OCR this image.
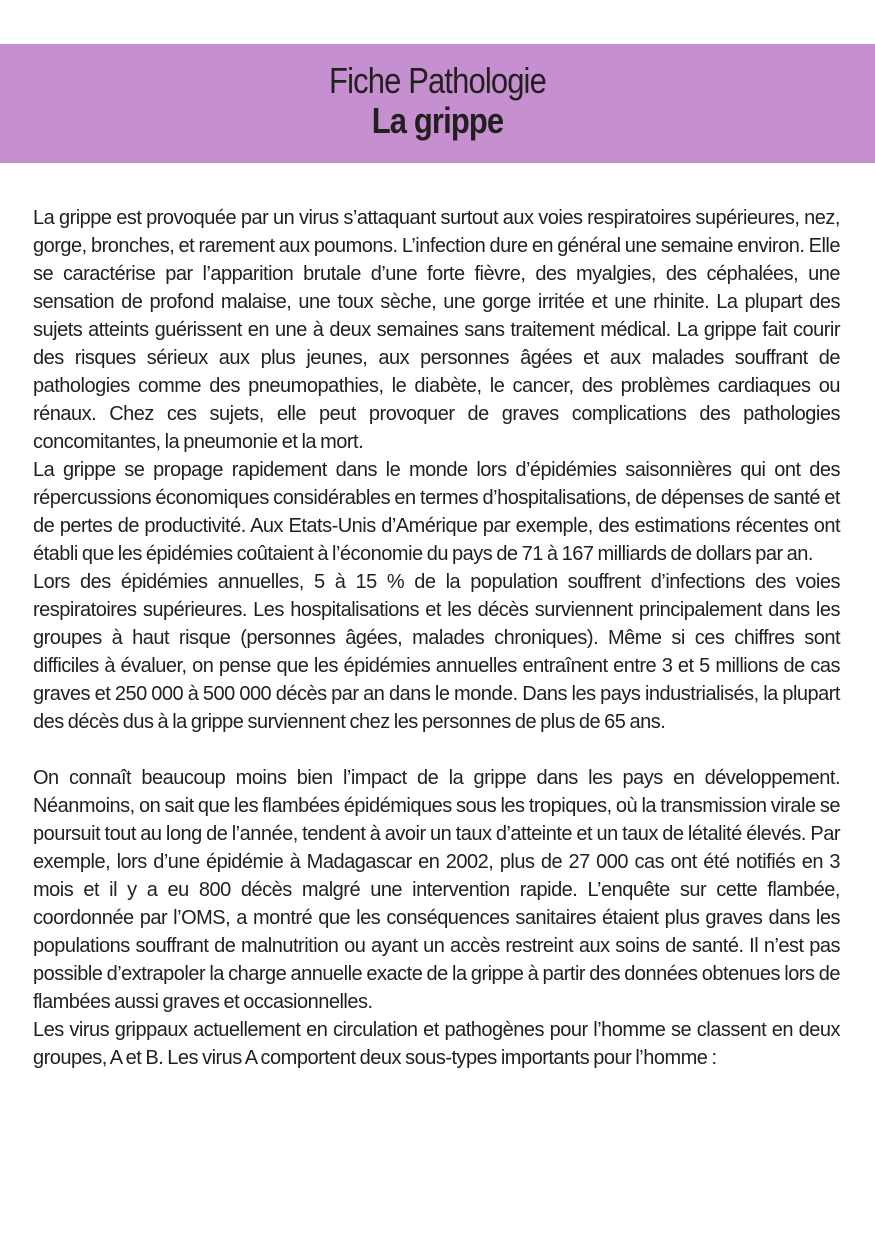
Fiche Pathologie
La grippe

La grippe est provoquée par un virus s’attaquant surtout aux voies respiratoires supérieures, nez, gorge, bronches, et rarement aux poumons. L’infection dure en général une semaine environ. Elle se caractérise par l’apparition brutale d’une forte fièvre, des myalgies, des céphalées, une sensation de profond malaise, une toux sèche, une gorge irritée et une rhinite. La plupart des sujets atteints guérissent en une à deux semaines sans traitement médical. La grippe fait courir des risques sérieux aux plus jeunes, aux personnes âgées et aux malades souffrant de pathologies comme des pneumopathies, le diabète, le cancer, des problèmes cardiaques ou rénaux. Chez ces sujets, elle peut provoquer de graves complications des pathologies concomitantes, la pneumonie et la mort.

La grippe se propage rapidement dans le monde lors d’épidémies saisonnières qui ont des répercussions économiques considérables en termes d’hospitalisations, de dépenses de santé et de pertes de productivité. Aux Etats-Unis d’Amérique par exemple, des estimations récentes ont établi que les épidémies coûtaient à l’économie du pays de 71 à 167 milliards de dollars par an.

Lors des épidémies annuelles, 5 à 15 % de la population souffrent d’infections des voies respiratoires supérieures. Les hospitalisations et les décès surviennent principalement dans les groupes à haut risque (personnes âgées, malades chroniques). Même si ces chiffres sont difficiles à évaluer, on pense que les épidémies annuelles entraînent entre 3 et 5 millions de cas graves et 250 000 à 500 000 décès par an dans le monde. Dans les pays industrialisés, la plupart des décès dus à la grippe surviennent chez les personnes de plus de 65 ans.

On connaît beaucoup moins bien l’impact de la grippe dans les pays en développement. Néanmoins, on sait que les flambées épidémiques sous les tropiques, où la transmission virale se poursuit tout au long de l’année, tendent à avoir un taux d’atteinte et un taux de létalité élevés. Par exemple, lors d’une épidémie à Madagascar en 2002, plus de 27 000 cas ont été notifiés en 3 mois et il y a eu 800 décès malgré une intervention rapide. L’enquête sur cette flambée, coordonnée par l’OMS, a montré que les conséquences sanitaires étaient plus graves dans les populations souffrant de malnutrition ou ayant un accès restreint aux soins de santé. Il n’est pas possible d’extrapoler la charge annuelle exacte de la grippe à partir des données obtenues lors de flambées aussi graves et occasionnelles.

Les virus grippaux actuellement en circulation et pathogènes pour l’homme se classent en deux groupes, A et B. Les virus A comportent deux sous-types importants pour l’homme :
